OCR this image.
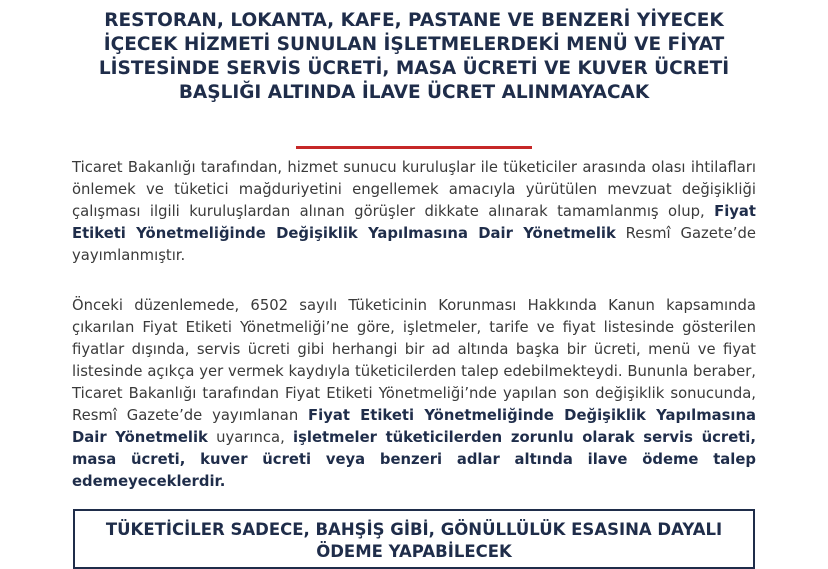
RESTORAN, LOKANTA, KAFE, PASTANE VE BENZERİ YİYECEK İÇECEK HİZMETİ SUNULAN İŞLETMELERDEKİ MENÜ VE FİYAT LİSTESİNDE SERVİS ÜCRETİ, MASA ÜCRETİ VE KUVER ÜCRETİ BAŞLIĞI ALTINDA İLAVE ÜCRET ALINMAYACAK

Ticaret Bakanlığı tarafından, hizmet sunucu kuruluşlar ile tüketiciler arasında olası ihtilafları önlemek ve tüketici mağduriyetini engellemek amacıyla yürütülen mevzuat değişikliği çalışması ilgili kuruluşlardan alınan görüşler dikkate alınarak tamamlanmış olup, Fiyat Etiketi Yönetmeliğinde Değişiklik Yapılmasına Dair Yönetmelik Resmî Gazete’de yayımlanmıştır.

Önceki düzenlemede, 6502 sayılı Tüketicinin Korunması Hakkında Kanun kapsamında çıkarılan Fiyat Etiketi Yönetmeliği’ne göre, işletmeler, tarife ve fiyat listesinde gösterilen fiyatlar dışında, servis ücreti gibi herhangi bir ad altında başka bir ücreti, menü ve fiyat listesinde açıkça yer vermek kaydıyla tüketicilerden talep edebilmekteydi. Bununla beraber, Ticaret Bakanlığı tarafından Fiyat Etiketi Yönetmeliği’nde yapılan son değişiklik sonucunda, Resmî Gazete’de yayımlanan Fiyat Etiketi Yönetmeliğinde Değişiklik Yapılmasına Dair Yönetmelik uyarınca, işletmeler tüketicilerden zorunlu olarak servis ücreti, masa ücreti, kuver ücreti veya benzeri adlar altında ilave ödeme talep edemeyeceklerdir.

TÜKETİCİLER SADECE, BAHŞİŞ GİBİ, GÖNÜLLÜLÜK ESASINA DAYALI ÖDEME YAPABİLECEK
